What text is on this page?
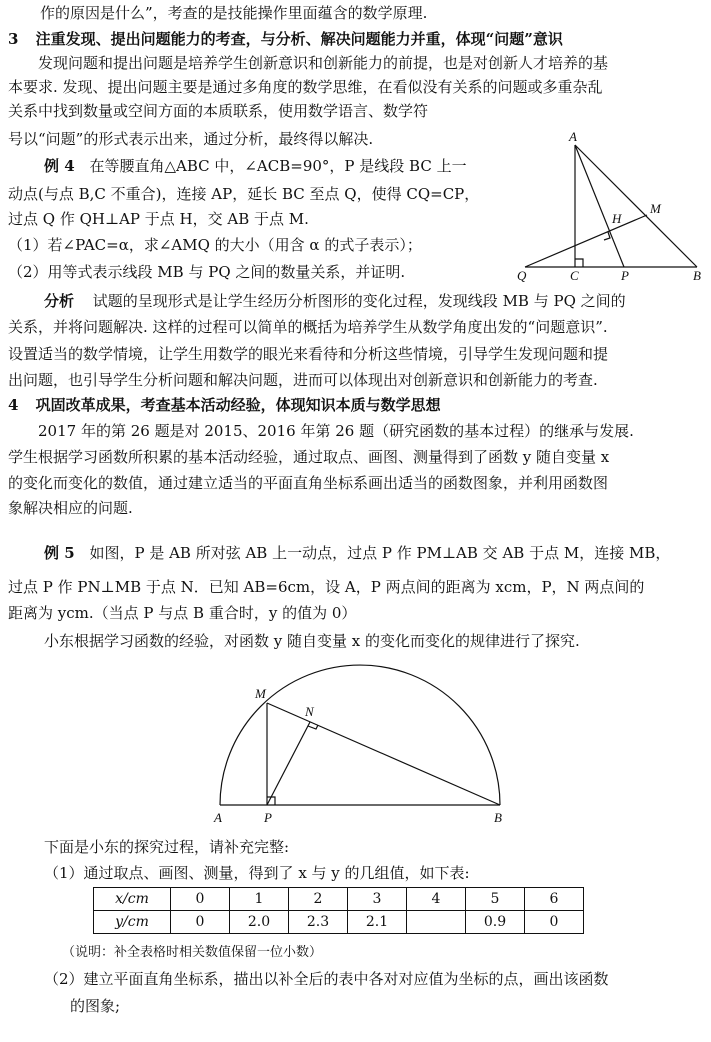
作的原因是什么”，考查的是技能操作里面蕴含的数学原理.
3 注重发现、提出问题能力的考查，与分析、解决问题能力并重，体现“问题”意识
发现问题和提出问题是培养学生创新意识和创新能力的前提，也是对创新人才培养的基
本要求. 发现、提出问题主要是通过多角度的数学思维，在看似没有关系的问题或多重杂乱
关系中找到数量或空间方面的本质联系，使用数学语言、数学符
号以“问题”的形式表示出来，通过分析，最终得以解决.
例 4 在等腰直角△ABC 中，∠ACB=90°，P 是线段 BC 上一
动点(与点 B,C 不重合)，连接 AP，延长 BC 至点 Q，使得 CQ=CP，
过点 Q 作 QH⊥AP 于点 H，交 AB 于点 M.
（1）若∠PAC=α，求∠AMQ 的大小（用含 α 的式子表示）；
（2）用等式表示线段 MB 与 PQ 之间的数量关系，并证明.
A
M
H
Q	C	P	B
分析 试题的呈现形式是让学生经历分析图形的变化过程，发现线段 MB 与 PQ 之间的
关系，并将问题解决. 这样的过程可以简单的概括为培养学生从数学角度出发的“问题意识”.
设置适当的数学情境，让学生用数学的眼光来看待和分析这些情境，引导学生发现问题和提
出问题，也引导学生分析问题和解决问题，进而可以体现出对创新意识和创新能力的考查.
4 巩固改革成果，考查基本活动经验，体现知识本质与数学思想
2017 年的第 26 题是对 2015、2016 年第 26 题（研究函数的基本过程）的继承与发展.
学生根据学习函数所积累的基本活动经验，通过取点、画图、测量得到了函数 y 随自变量 x
的变化而变化的数值，通过建立适当的平面直角坐标系画出适当的函数图象，并利用函数图
象解决相应的问题.
例 5 如图，P 是 AB 所对弦 AB 上一动点，过点 P 作 PM⊥AB 交 AB 于点 M，连接 MB，
过点 P 作 PN⊥MB 于点 N．已知 AB=6cm，设 A，P 两点间的距离为 xcm，P，N 两点间的
距离为 ycm.（当点 P 与点 B 重合时，y 的值为 0）
小东根据学习函数的经验，对函数 y 随自变量 x 的变化而变化的规律进行了探究.
M
N
A	P	B
下面是小东的探究过程，请补充完整:
（1）通过取点、画图、测量，得到了 x 与 y 的几组值，如下表:
x/cm	0	1	2	3	4	5	6
y/cm	0	2.0	2.3	2.1		0.9	0
（说明：补全表格时相关数值保留一位小数）
（2）建立平面直角坐标系，描出以补全后的表中各对对应值为坐标的点，画出该函数
的图象;
